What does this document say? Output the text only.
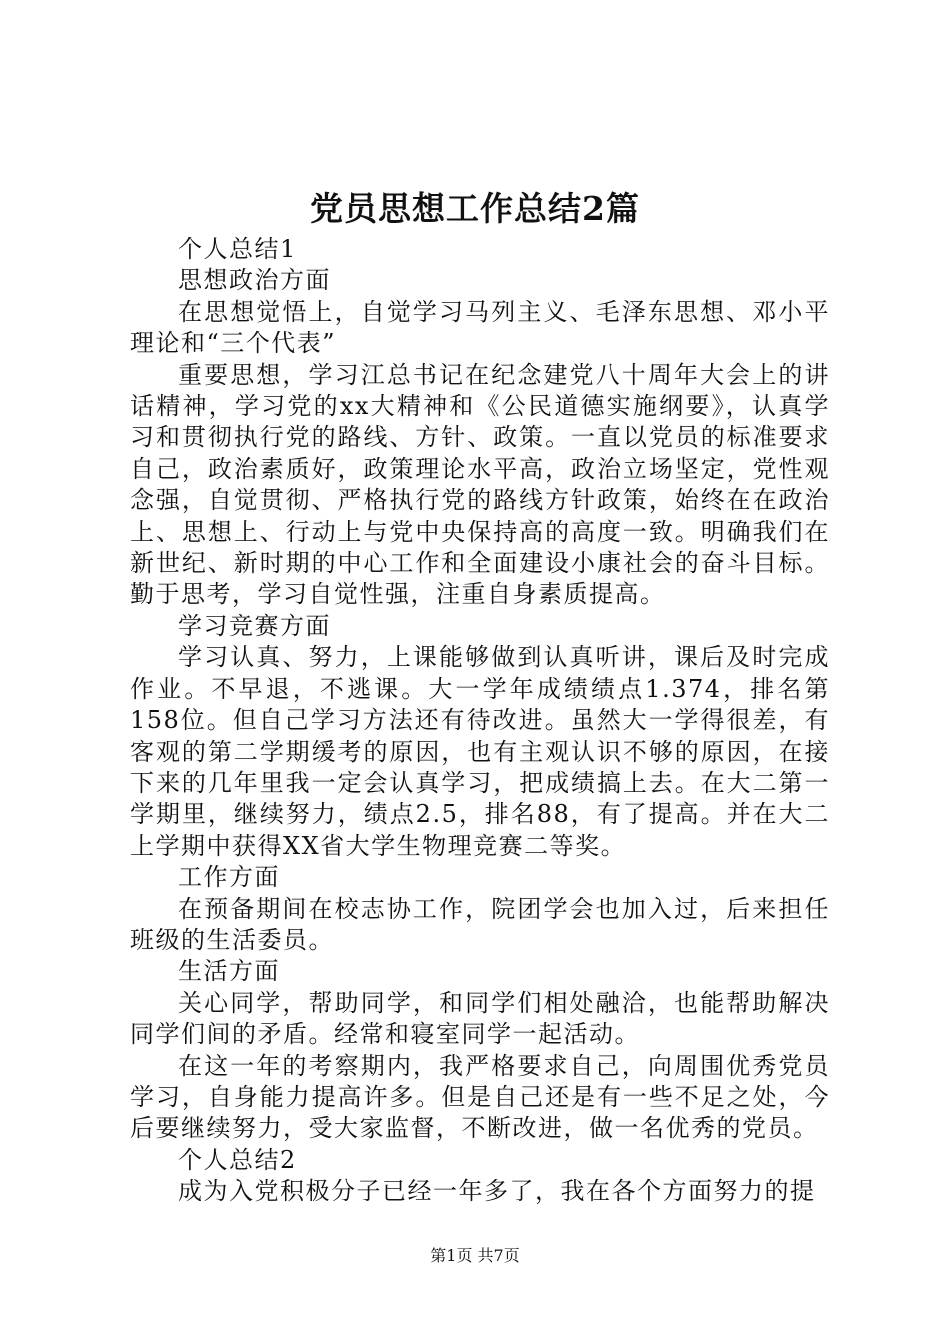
党员思想工作总结2篇

个人总结1

思想政治方面

在思想觉悟上，自觉学习马列主义、毛泽东思想、邓小平理论和“三个代表”

重要思想，学习江总书记在纪念建党八十周年大会上的讲话精神，学习党的xx大精神和《公民道德实施纲要》，认真学习和贯彻执行党的路线、方针、政策。一直以党员的标准要求自己，政治素质好，政策理论水平高，政治立场坚定，党性观念强，自觉贯彻、严格执行党的路线方针政策，始终在在政治上、思想上、行动上与党中央保持高的高度一致。明确我们在新世纪、新时期的中心工作和全面建设小康社会的奋斗目标。勤于思考，学习自觉性强，注重自身素质提高。

学习竞赛方面

学习认真、努力，上课能够做到认真听讲，课后及时完成作业。不早退，不逃课。大一学年成绩绩点1.374，排名第158位。但自己学习方法还有待改进。虽然大一学得很差，有客观的第二学期缓考的原因，也有主观认识不够的原因，在接下来的几年里我一定会认真学习，把成绩搞上去。在大二第一学期里，继续努力，绩点2.5，排名88，有了提高。并在大二上学期中获得XX省大学生物理竞赛二等奖。

工作方面

在预备期间在校志协工作，院团学会也加入过，后来担任班级的生活委员。

生活方面

关心同学，帮助同学，和同学们相处融洽，也能帮助解决同学们间的矛盾。经常和寝室同学一起活动。

在这一年的考察期内，我严格要求自己，向周围优秀党员学习，自身能力提高许多。但是自己还是有一些不足之处，今后要继续努力，受大家监督，不断改进，做一名优秀的党员。

个人总结2

成为入党积极分子已经一年多了，我在各个方面努力的提

第1页 共7页
